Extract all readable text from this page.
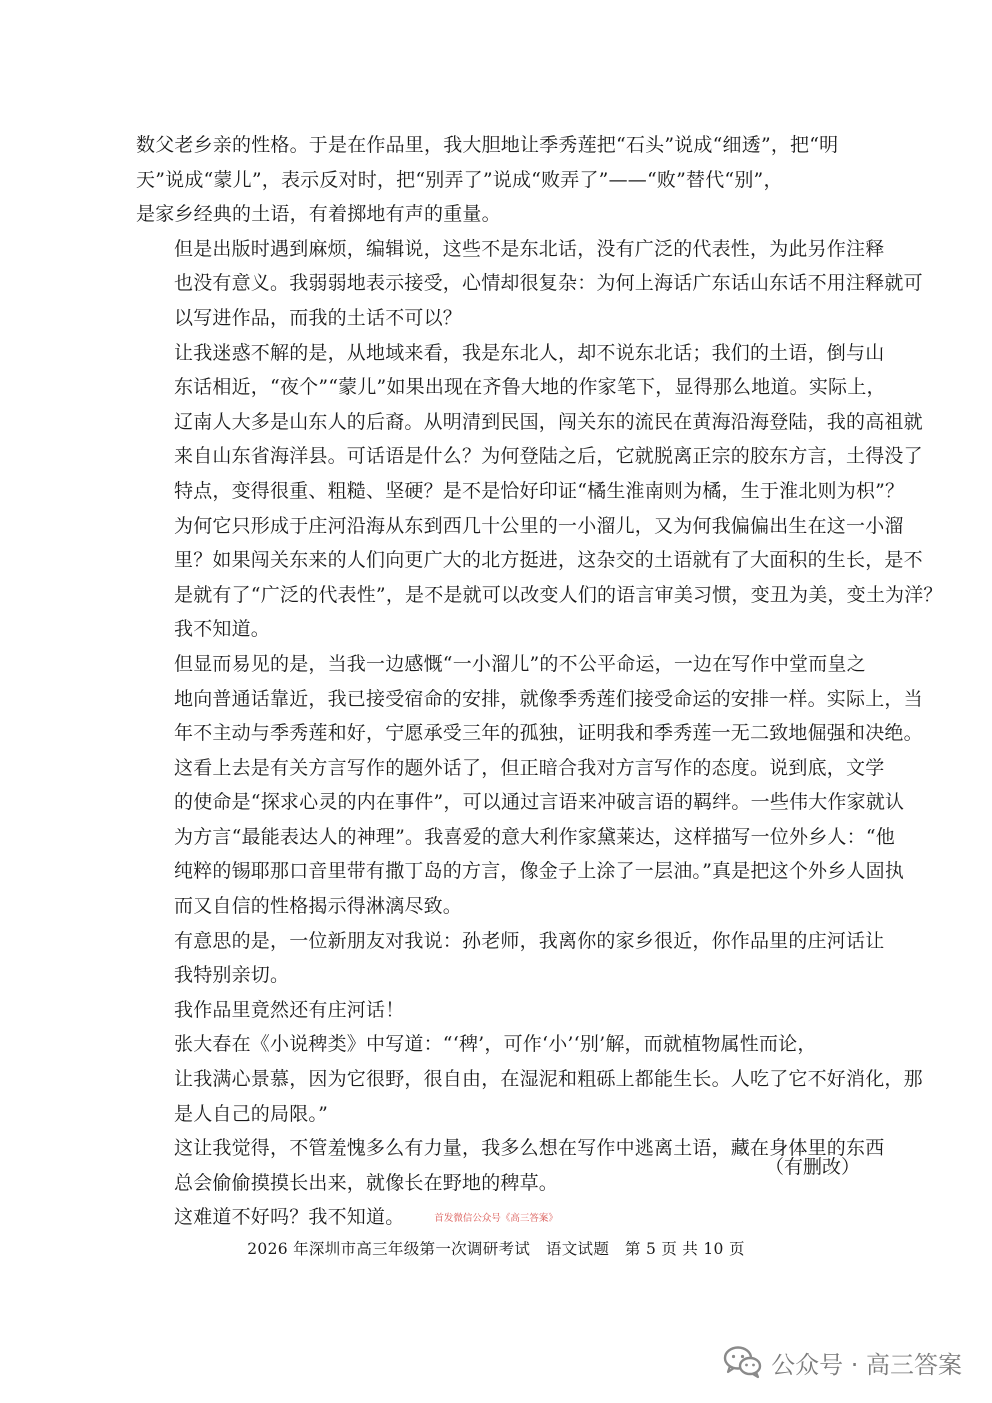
数父老乡亲的性格。于是在作品里，我大胆地让季秀莲把“石头”说成“细透”，把“明
天”说成“蒙儿”，表示反对时，把“别弄了”说成“败弄了”——“败”替代“别”，
是家乡经典的土语，有着掷地有声的重量。

但是出版时遇到麻烦，编辑说，这些不是东北话，没有广泛的代表性，为此另作注释
也没有意义。我弱弱地表示接受，心情却很复杂：为何上海话广东话山东话不用注释就可
以写进作品，而我的土话不可以？

让我迷惑不解的是，从地域来看，我是东北人，却不说东北话；我们的土语，倒与山
东话相近，“夜个”“蒙儿”如果出现在齐鲁大地的作家笔下，显得那么地道。实际上，
辽南人大多是山东人的后裔。从明清到民国，闯关东的流民在黄海沿海登陆，我的高祖就
来自山东省海洋县。可话语是什么？为何登陆之后，它就脱离正宗的胶东方言，土得没了
特点，变得很重、粗糙、坚硬？是不是恰好印证“橘生淮南则为橘，生于淮北则为枳”？
为何它只形成于庄河沿海从东到西几十公里的一小溜儿，又为何我偏偏出生在这一小溜
里？如果闯关东来的人们向更广大的北方挺进，这杂交的土语就有了大面积的生长，是不
是就有了“广泛的代表性”，是不是就可以改变人们的语言审美习惯，变丑为美，变土为洋？

我不知道。

但显而易见的是，当我一边感慨“一小溜儿”的不公平命运，一边在写作中堂而皇之
地向普通话靠近，我已接受宿命的安排，就像季秀莲们接受命运的安排一样。实际上，当
年不主动与季秀莲和好，宁愿承受三年的孤独，证明我和季秀莲一无二致地倔强和决绝。

这看上去是有关方言写作的题外话了，但正暗合我对方言写作的态度。说到底，文学
的使命是“探求心灵的内在事件”，可以通过言语来冲破言语的羁绊。一些伟大作家就认
为方言“最能表达人的神理”。我喜爱的意大利作家黛莱达，这样描写一位外乡人：“他
纯粹的锡耶那口音里带有撒丁岛的方言，像金子上涂了一层油。”真是把这个外乡人固执
而又自信的性格揭示得淋漓尽致。

有意思的是，一位新朋友对我说：孙老师，我离你的家乡很近，你作品里的庄河话让
我特别亲切。

我作品里竟然还有庄河话！

张大春在《小说稗类》中写道：“‘稗’，可作‘小’‘别’解，而就植物属性而论，
让我满心景慕，因为它很野，很自由，在湿泥和粗砾上都能生长。人吃了它不好消化，那
是人自己的局限。”

这让我觉得，不管羞愧多么有力量，我多么想在写作中逃离土语，藏在身体里的东西
总会偷偷摸摸长出来，就像长在野地的稗草。

这难道不好吗？我不知道。	首发微信公众号《高三答案》

（有删改）
2026 年深圳市高三年级第一次调研考试　语文试题　第 5 页 共 10 页
公众号 · 高三答案
